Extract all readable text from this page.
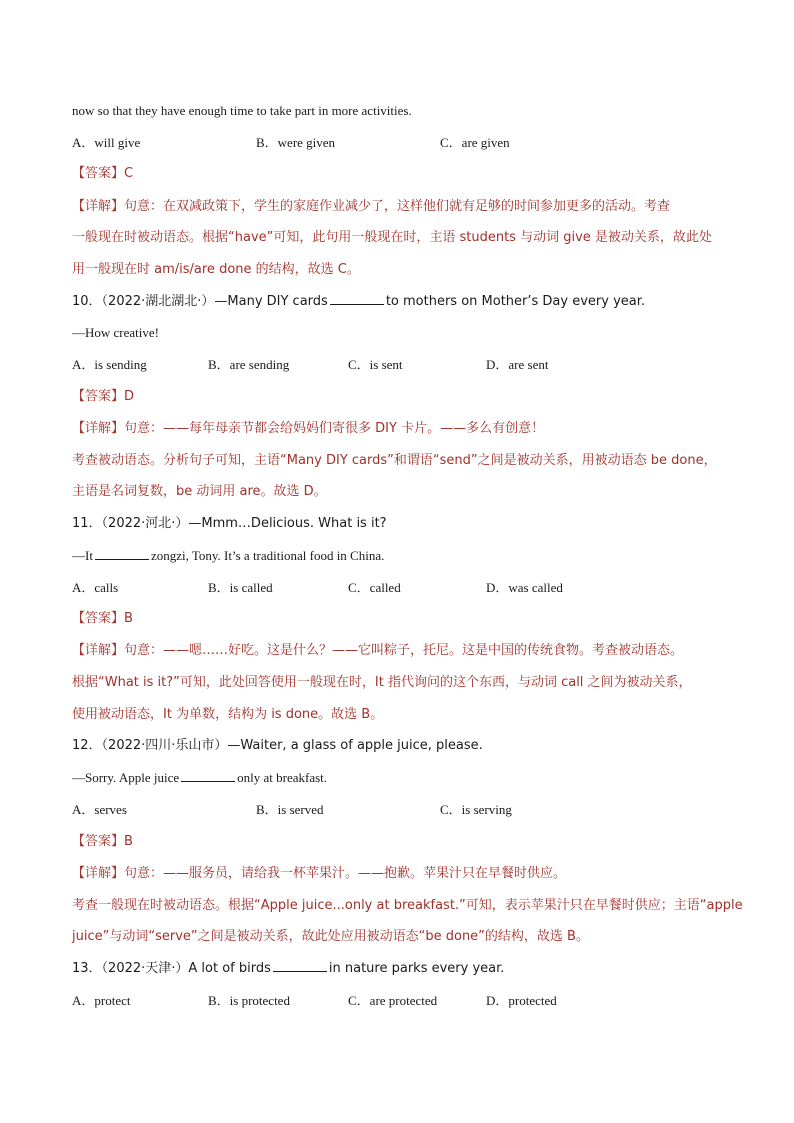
now so that they have enough time to take part in more activities.
A．will give	B．were given	C．are given
【答案】C
【详解】句意：在双减政策下，学生的家庭作业减少了，这样他们就有足够的时间参加更多的活动。考查
一般现在时被动语态。根据“have”可知，此句用一般现在时，主语 students 与动词 give 是被动关系，故此处
用一般现在时 am/is/are done 的结构，故选 C。
10．（2022·湖北湖北·）—Many DIY cards	to mothers on Mother’s Day every year.
—How creative!
A．is sending	B．are sending	C．is sent	D．are sent
【答案】D
【详解】句意：——每年母亲节都会给妈妈们寄很多 DIY 卡片。——多么有创意！
考查被动语态。分析句子可知，主语“Many DIY cards”和谓语“send”之间是被动关系，用被动语态 be done，
主语是名词复数，be 动词用 are。故选 D。
11．（2022·河北·）—Mmm…Delicious. What is it?
—It	zongzi, Tony. It’s a traditional food in China.
A．calls	B．is called	C．called	D．was called
【答案】B
【详解】句意：——嗯……好吃。这是什么？——它叫粽子，托尼。这是中国的传统食物。考查被动语态。
根据“What is it?”可知，此处回答使用一般现在时，It 指代询问的这个东西，与动词 call 之间为被动关系，
使用被动语态，It 为单数，结构为 is done。故选 B。
12．（2022·四川·乐山市）—Waiter, a glass of apple juice, please.
—Sorry. Apple juice	only at breakfast.
A．serves	B．is served	C．is serving
【答案】B
【详解】句意：——服务员，请给我一杯苹果汁。——抱歉。苹果汁只在早餐时供应。
考查一般现在时被动语态。根据“Apple juice...only at breakfast.”可知，表示苹果汁只在早餐时供应；主语“apple
juice”与动词“serve”之间是被动关系，故此处应用被动语态“be done”的结构，故选 B。
13．（2022·天津·）A lot of birds	in nature parks every year.
A．protect	B．is protected	C．are protected	D．protected
